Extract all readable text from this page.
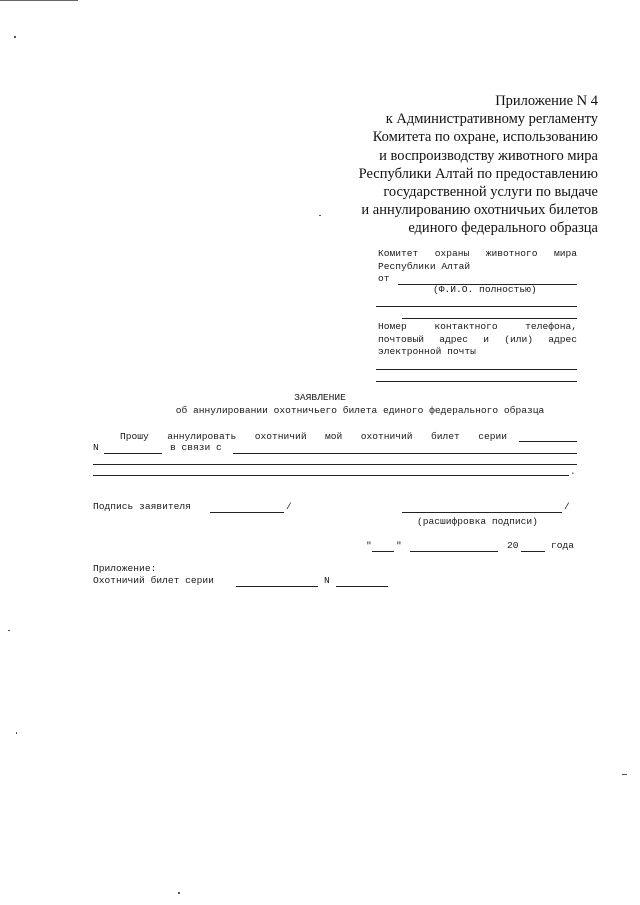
Приложение N 4
к Административному регламенту
Комитета по охране, использованию
и воспроизводству животного мира
Республики Алтай по предоставлению
государственной услуги по выдаче
и аннулированию охотничьих билетов
единого федерального образца
Комитет охраны животного мира
Республики Алтай
от
(Ф.И.О. полностью)
Номер контактного телефона,
почтовый адрес и (или) адрес
электронной почты
ЗАЯВЛЕНИЕ
об аннулировании охотничьего билета единого федерального образца
Прошу аннулировать охотничий мой охотничий билет серии
N	в связи с
.
Подпись заявителя	/	/
(расшифровка подписи)
"	"	20	года
Приложение:
Охотничий билет серии	N
